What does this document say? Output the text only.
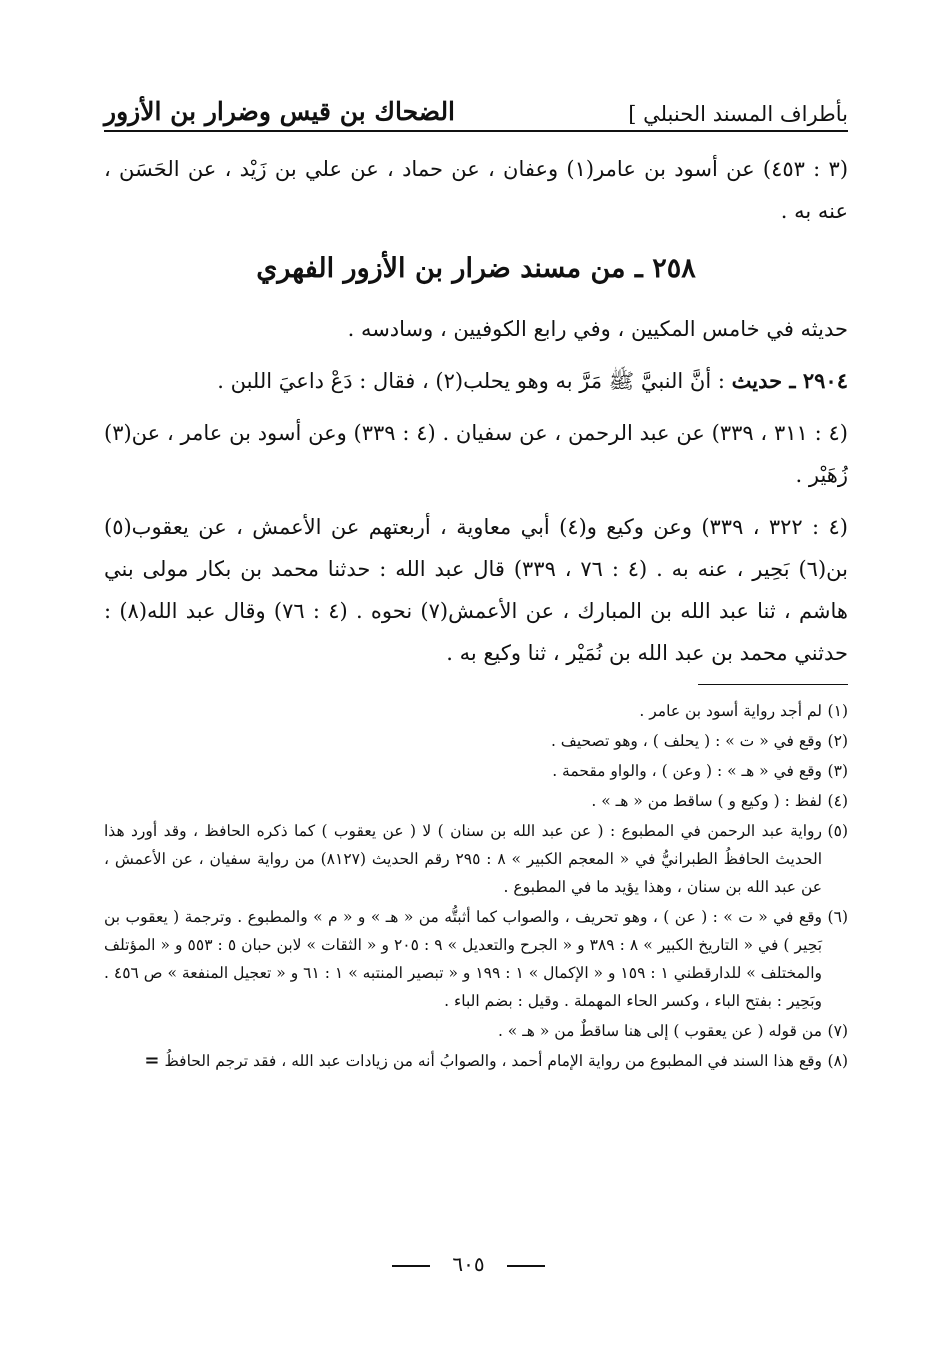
بأطراف المسند الحنبلي ]
الضحاك بن قيس وضرار بن الأزور

(٣ : ٤٥٣) عن أسود بن عامر(١) وعفان ، عن حماد ، عن علي بن زَيْد ، عن الحَسَن ، عنه به .

٢٥٨ ـ من مسند ضرار بن الأزور الفهري

حديثه في خامس المكيين ، وفي رابع الكوفيين ، وسادسه .

٢٩٠٤ ـ حديث : أنَّ النبيَّ ﷺ مَرَّ به وهو يحلب(٢) ، فقال : دَعْ داعيَ اللبن .

(٤ : ٣١١ ، ٣٣٩) عن عبد الرحمن ، عن سفيان . (٤ : ٣٣٩) وعن أسود بن عامر ، عن(٣) زُهَيْر .

(٤ : ٣٢٢ ، ٣٣٩) وعن وكيع و(٤) أبي معاوية ، أربعتهم عن الأعمش ، عن يعقوب(٥) بن(٦) بَحِير ، عنه به . (٤ : ٧٦ ، ٣٣٩) قال عبد الله : حدثنا محمد بن بكار مولى بني هاشم ، ثنا عبد الله بن المبارك ، عن الأعمش(٧) نحوه . (٤ : ٧٦) وقال عبد الله(٨) : حدثني محمد بن عبد الله بن نُمَيْر ، ثنا وكيع به .

(١)
لم أجد رواية أسود بن عامر .
(٢)
وقع في « ت » : ( يحلف ) ، وهو تصحيف .
(٣)
وقع في « هـ » : ( وعن ) ، والواو مقحمة .
(٤)
لفظ : ( وكيع و ) ساقط من « هـ » .
(٥)
رواية عبد الرحمن في المطبوع : ( عن عبد الله بن سنان ) لا ( عن يعقوب ) كما ذكره الحافظ ، وقد أورد هذا الحديث الحافظُ الطبرانيُّ في « المعجم الكبير » ٨ : ٢٩٥ رقم الحديث (٨١٢٧) من رواية سفيان ، عن الأعمش ، عن عبد الله بن سنان ، وهذا يؤيد ما في المطبوع .
(٦)
وقع في « ت » : ( عن ) ، وهو تحريف ، والصواب كما أثبتُّه من « هـ » و « م » والمطبوع . وترجمة ( يعقوب بن بَحِير ) في « التاريخ الكبير » ٨ : ٣٨٩ و « الجرح والتعديل » ٩ : ٢٠٥ و « الثقات » لابن حبان ٥ : ٥٥٣ و « المؤتلف والمختلف » للدارقطني ١ : ١٥٩ و « الإكمال » ١ : ١٩٩ و « تبصير المنتبه » ١ : ٦١ و « تعجيل المنفعة » ص ٤٥٦ . وبَحِير : بفتح الباء ، وكسر الحاء المهملة . وقيل : بضم الباء .
(٧)
من قوله ( عن يعقوب ) إلى هنا ساقطٌ من « هـ » .
(٨)
وقع هذا السند في المطبوع من رواية الإمام أحمد ، والصوابُ أنه من زيادات عبد الله ، فقد ترجم الحافظُ =
٦٠٥
